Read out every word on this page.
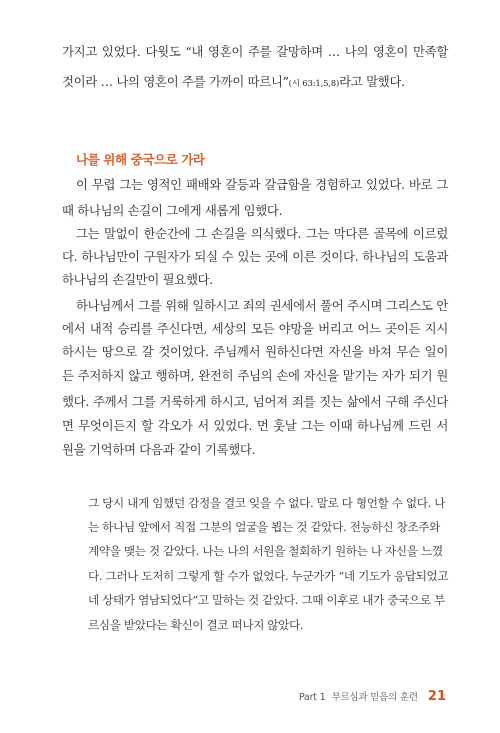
가지고 있었다. 다윗도 “내 영혼이 주를 갈망하며 … 나의 영혼이 만족할
것이라 … 나의 영혼이 주를 가까이 따르니”(시 63:1,5,8)라고 말했다.
나를 위해 중국으로 가라
이 무렵 그는 영적인 패배와 갈등과 갈급함을 경험하고 있었다. 바로 그
때 하나님의 손길이 그에게 새롭게 임했다.
그는 말없이 한순간에 그 손길을 의식했다. 그는 막다른 골목에 이르렀
다. 하나님만이 구원자가 되실 수 있는 곳에 이른 것이다. 하나님의 도움과
하나님의 손길만이 필요했다.
하나님께서 그를 위해 일하시고 죄의 권세에서 풀어 주시며 그리스도 안
에서 내적 승리를 주신다면, 세상의 모든 야망을 버리고 어느 곳이든 지시
하시는 땅으로 갈 것이었다. 주님께서 원하신다면 자신을 바쳐 무슨 일이
든 주저하지 않고 행하며, 완전히 주님의 손에 자신을 맡기는 자가 되기 원
했다. 주께서 그를 거룩하게 하시고, 넘어져 죄를 짓는 삶에서 구해 주신다
면 무엇이든지 할 각오가 서 있었다. 먼 훗날 그는 이때 하나님께 드린 서
원을 기억하며 다음과 같이 기록했다.
그 당시 내게 임했던 감정을 결코 잊을 수 없다. 말로 다 형언할 수 없다. 나
는 하나님 앞에서 직접 그분의 얼굴을 뵙는 것 같았다. 전능하신 창조주와
계약을 맺는 것 같았다. 나는 나의 서원을 철회하기 원하는 나 자신을 느꼈
다. 그러나 도저히 그렇게 할 수가 없었다. 누군가가 “네 기도가 응답되었고
네 상태가 염남되었다”고 말하는 것 같았다. 그때 이후로 내가 중국으로 부
르심을 받았다는 확신이 결코 떠나지 않았다.
Part 1 부르심과 믿음의 훈련 21
